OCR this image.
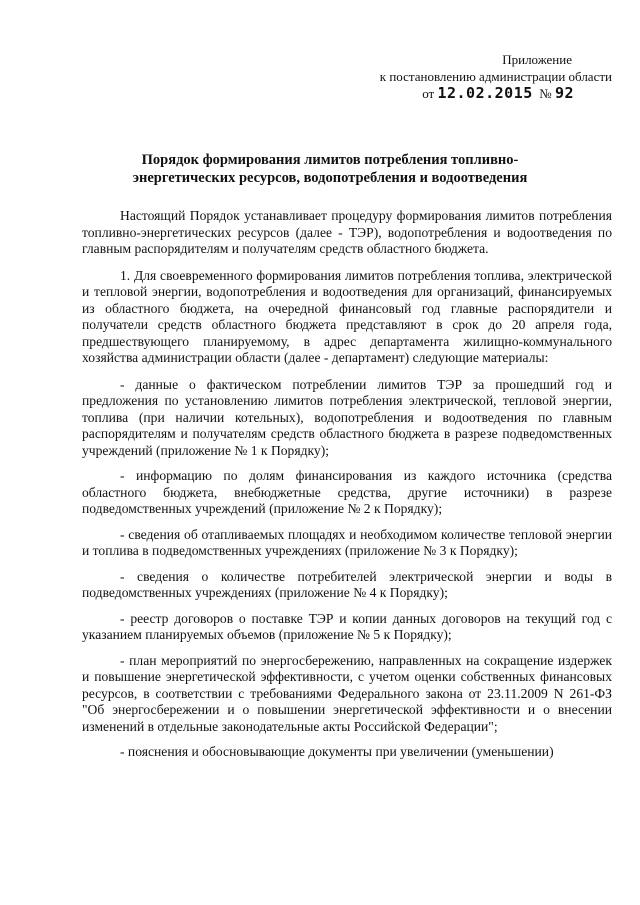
Приложение
к постановлению администрации области
от 12.02.2015 № 92
Порядок формирования лимитов потребления топливно-
энергетических ресурсов, водопотребления и водоотведения

Настоящий Порядок устанавливает процедуру формирования лимитов потребления топливно-энергетических ресурсов (далее - ТЭР), водопотребления и водоотведения по главным распорядителям и получателям средств областного бюджета.

1. Для своевременного формирования лимитов потребления топлива, электрической и тепловой энергии, водопотребления и водоотведения для организаций, финансируемых из областного бюджета, на очередной финансовый год главные распорядители и получатели средств областного бюджета представляют в срок до 20 апреля года, предшествующего планируемому, в адрес департамента жилищно-коммунального хозяйства администрации области (далее - департамент) следующие материалы:

- данные о фактическом потреблении лимитов ТЭР за прошедший год и предложения по установлению лимитов потребления электрической, тепловой энергии, топлива (при наличии котельных), водопотребления и водоотведения по главным распорядителям и получателям средств областного бюджета в разрезе подведомственных учреждений (приложение № 1 к Порядку);

- информацию по долям финансирования из каждого источника (средства областного бюджета, внебюджетные средства, другие источники) в разрезе подведомственных учреждений (приложение № 2 к Порядку);

- сведения об отапливаемых площадях и необходимом количестве тепловой энергии и топлива в подведомственных учреждениях (приложение № 3 к Порядку);

- сведения о количестве потребителей электрической энергии и воды в подведомственных учреждениях (приложение № 4 к Порядку);

- реестр договоров о поставке ТЭР и копии данных договоров на текущий год с указанием планируемых объемов (приложение № 5 к Порядку);

- план мероприятий по энергосбережению, направленных на сокращение издержек и повышение энергетической эффективности, с учетом оценки собственных финансовых ресурсов, в соответствии с требованиями Федерального закона от 23.11.2009 N 261-ФЗ "Об энергосбережении и о повышении энергетической эффективности и о внесении изменений в отдельные законодательные акты Российской Федерации";

- пояснения и обосновывающие документы при увеличении (уменьшении)
